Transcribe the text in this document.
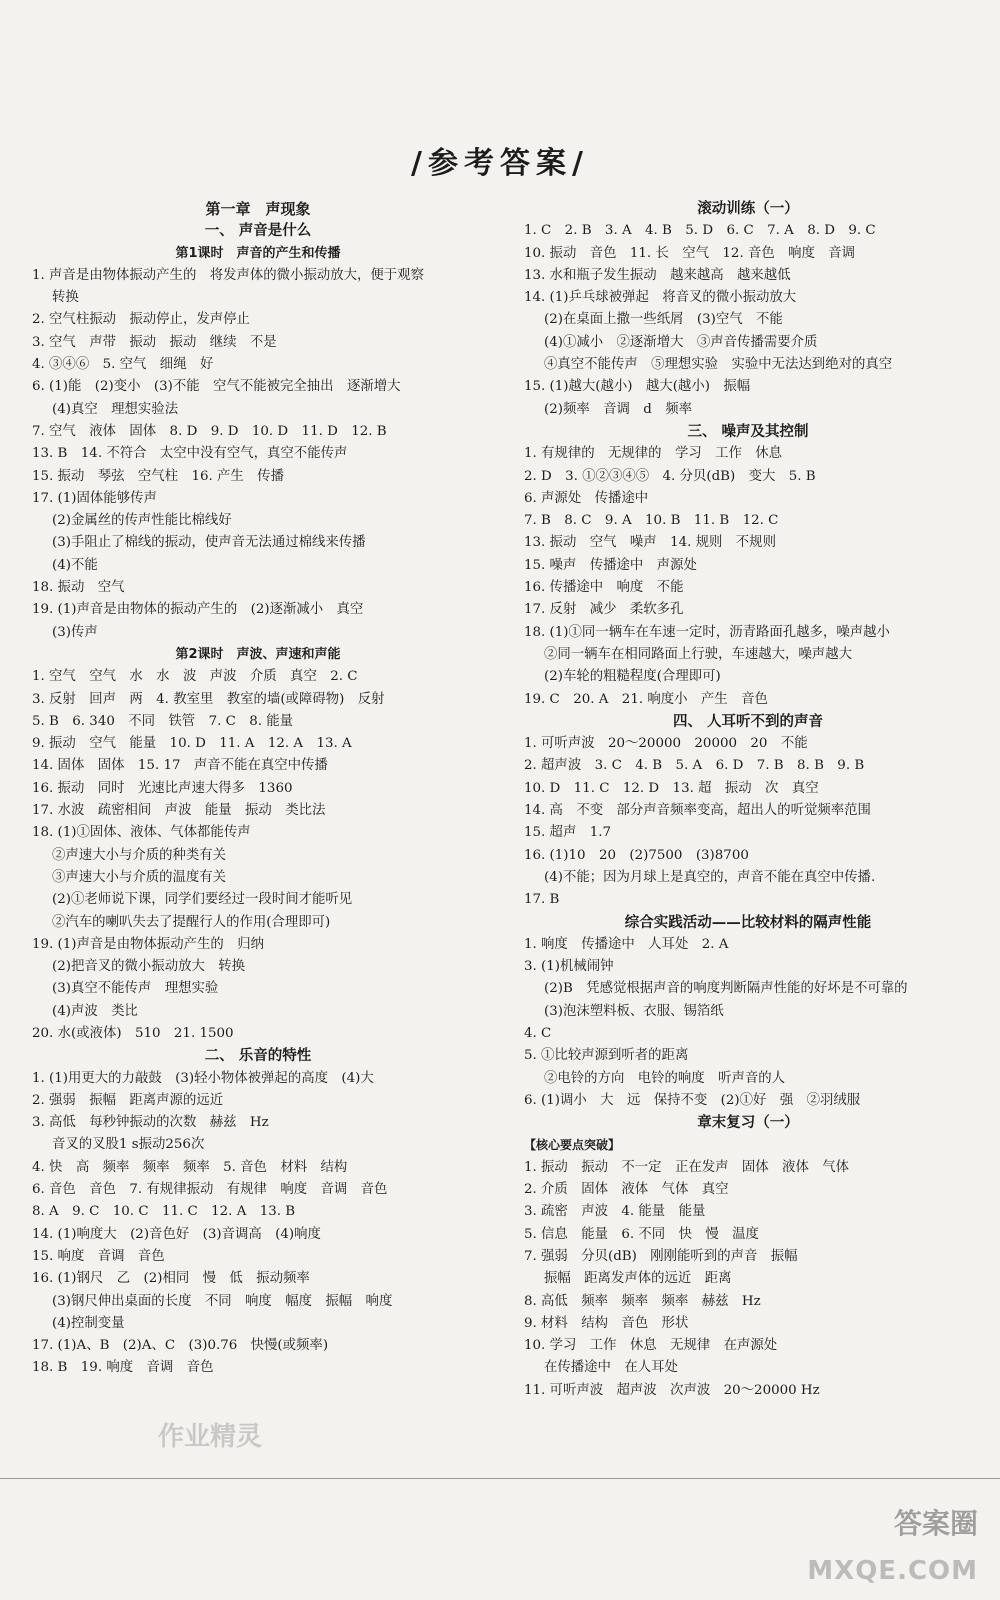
/参考答案/
第一章　声现象
一、 声音是什么
第1课时　声音的产生和传播
1. 声音是由物体振动产生的　将发声体的微小振动放大，便于观察
转换
2. 空气柱振动　振动停止，发声停止
3. 空气　声带　振动　振动　继续　不是
4. ③④⑥　5. 空气　细绳　好
6. (1)能　(2)变小　(3)不能　空气不能被完全抽出　逐渐增大
(4)真空　理想实验法
7. 空气　液体　固体　8. D　9. D　10. D　11. D　12. B
13. B　14. 不符合　太空中没有空气，真空不能传声
15. 振动　琴弦　空气柱　16. 产生　传播
17. (1)固体能够传声
(2)金属丝的传声性能比棉线好
(3)手阻止了棉线的振动，使声音无法通过棉线来传播
(4)不能
18. 振动　空气
19. (1)声音是由物体的振动产生的　(2)逐渐减小　真空
(3)传声
第2课时　声波、声速和声能
1. 空气　空气　水　水　波　声波　介质　真空　2. C
3. 反射　回声　两　4. 教室里　教室的墙(或障碍物)　反射
5. B　6. 340　不同　铁管　7. C　8. 能量
9. 振动　空气　能量　10. D　11. A　12. A　13. A
14. 固体　固体　15. 17　声音不能在真空中传播
16. 振动　同时　光速比声速大得多　1360
17. 水波　疏密相间　声波　能量　振动　类比法
18. (1)①固体、液体、气体都能传声
②声速大小与介质的种类有关
③声速大小与介质的温度有关
(2)①老师说下课，同学们要经过一段时间才能听见
②汽车的喇叭失去了提醒行人的作用(合理即可)
19. (1)声音是由物体振动产生的　归纳
(2)把音叉的微小振动放大　转换
(3)真空不能传声　理想实验
(4)声波　类比
20. 水(或液体)　510　21. 1500
二、 乐音的特性
1. (1)用更大的力敲鼓　(3)轻小物体被弹起的高度　(4)大
2. 强弱　振幅　距离声源的远近
3. 高低　每秒钟振动的次数　赫兹　Hz
音叉的叉股1 s振动256次
4. 快　高　频率　频率　频率　5. 音色　材料　结构
6. 音色　音色　7. 有规律振动　有规律　响度　音调　音色
8. A　9. C　10. C　11. C　12. A　13. B
14. (1)响度大　(2)音色好　(3)音调高　(4)响度
15. 响度　音调　音色
16. (1)钢尺　乙　(2)相同　慢　低　振动频率
(3)钢尺伸出桌面的长度　不同　响度　幅度　振幅　响度
(4)控制变量
17. (1)A、B　(2)A、C　(3)0.76　快慢(或频率)
18. B　19. 响度　音调　音色
滚动训练（一）
1. C　2. B　3. A　4. B　5. D　6. C　7. A　8. D　9. C
10. 振动　音色　11. 长　空气　12. 音色　响度　音调
13. 水和瓶子发生振动　越来越高　越来越低
14. (1)乒乓球被弹起　将音叉的微小振动放大
(2)在桌面上撒一些纸屑　(3)空气　不能
(4)①减小　②逐渐增大　③声音传播需要介质
④真空不能传声　⑤理想实验　实验中无法达到绝对的真空
15. (1)越大(越小)　越大(越小)　振幅
(2)频率　音调　d　频率
三、 噪声及其控制
1. 有规律的　无规律的　学习　工作　休息
2. D　3. ①②③④⑤　4. 分贝(dB)　变大　5. B
6. 声源处　传播途中
7. B　8. C　9. A　10. B　11. B　12. C
13. 振动　空气　噪声　14. 规则　不规则
15. 噪声　传播途中　声源处
16. 传播途中　响度　不能
17. 反射　减少　柔软多孔
18. (1)①同一辆车在车速一定时，沥青路面孔越多，噪声越小
②同一辆车在相同路面上行驶，车速越大，噪声越大
(2)车轮的粗糙程度(合理即可)
19. C　20. A　21. 响度小　产生　音色
四、 人耳听不到的声音
1. 可听声波　20～20000　20000　20　不能
2. 超声波　3. C　4. B　5. A　6. D　7. B　8. B　9. B
10. D　11. C　12. D　13. 超　振动　次　真空
14. 高　不变　部分声音频率变高，超出人的听觉频率范围
15. 超声　1.7
16. (1)10　20　(2)7500　(3)8700
(4)不能；因为月球上是真空的，声音不能在真空中传播.
17. B
综合实践活动——比较材料的隔声性能
1. 响度　传播途中　人耳处　2. A
3. (1)机械闹钟
(2)B　凭感觉根据声音的响度判断隔声性能的好坏是不可靠的
(3)泡沫塑料板、衣服、锡箔纸
4. C
5. ①比较声源到听者的距离
②电铃的方向　电铃的响度　听声音的人
6. (1)调小　大　远　保持不变　(2)①好　强　②羽绒服
章末复习（一）
【核心要点突破】
1. 振动　振动　不一定　正在发声　固体　液体　气体
2. 介质　固体　液体　气体　真空
3. 疏密　声波　4. 能量　能量
5. 信息　能量　6. 不同　快　慢　温度
7. 强弱　分贝(dB)　刚刚能听到的声音　振幅
振幅　距离发声体的远近　距离
8. 高低　频率　频率　频率　赫兹　Hz
9. 材料　结构　音色　形状
10. 学习　工作　休息　无规律　在声源处
在传播途中　在人耳处
11. 可听声波　超声波　次声波　20～20000 Hz
作业精灵
答案圈
MXQE.COM
